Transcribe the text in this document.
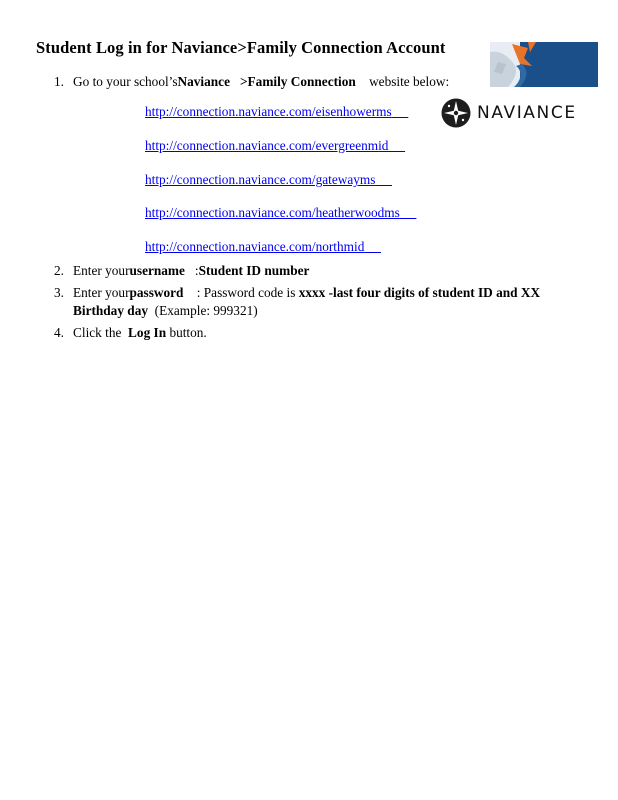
Student Log in for Naviance>Family Connection Account
NAVIANCE
1. Go to your school’sNaviance >Family Connection website below:
http://connection.naviance.com/eisenhowerms
http://connection.naviance.com/evergreenmid
http://connection.naviance.com/gatewayms
http://connection.naviance.com/heatherwoodms
http://connection.naviance.com/northmid
2. Enter yourusername :Student ID number
3. Enter yourpassword : Password code is xxxx -last four digits of student ID and XX
Birthday day (Example: 999321)
4. Click the Log In button.
